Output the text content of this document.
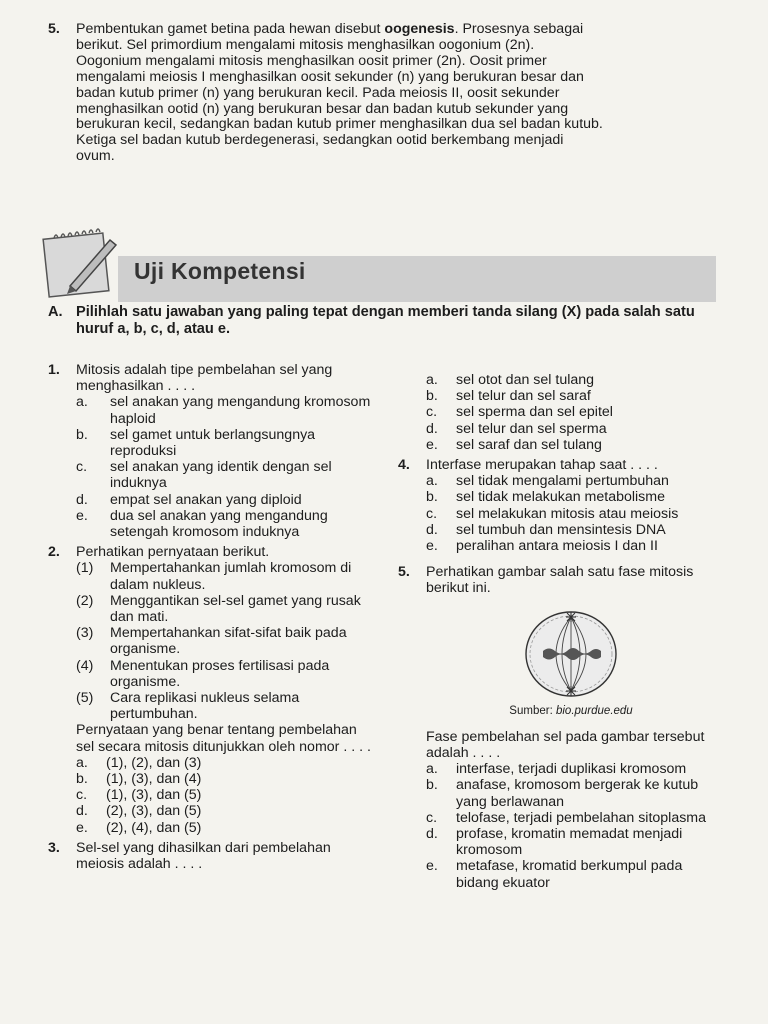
5. Pembentukan gamet betina pada hewan disebut oogenesis. Prosesnya sebagai berikut. Sel primordium mengalami mitosis menghasilkan oogonium (2n). Oogonium mengalami mitosis menghasilkan oosit primer (2n). Oosit primer mengalami meiosis I menghasilkan oosit sekunder (n) yang berukuran besar dan badan kutub primer (n) yang berukuran kecil. Pada meiosis II, oosit sekunder menghasilkan ootid (n) yang berukuran besar dan badan kutub sekunder yang berukuran kecil, sedangkan badan kutub primer menghasilkan dua sel badan kutub. Ketiga sel badan kutub berdegenerasi, sedangkan ootid berkembang menjadi ovum.

Uji Kompetensi
A. Pilihlah satu jawaban yang paling tepat dengan memberi tanda silang (X) pada salah satu huruf a, b, c, d, atau e.
1. Mitosis adalah tipe pembelahan sel yang menghasilkan . . . .
a. sel anakan yang mengandung kromosom haploid
b. sel gamet untuk berlangsungnya reproduksi
c. sel anakan yang identik dengan sel induknya
d. empat sel anakan yang diploid
e. dua sel anakan yang mengandung setengah kromosom induknya
2. Perhatikan pernyataan berikut.
(1) Mempertahankan jumlah kromosom di dalam nukleus.
(2) Menggantikan sel-sel gamet yang rusak dan mati.
(3) Mempertahankan sifat-sifat baik pada organisme.
(4) Menentukan proses fertilisasi pada organisme.
(5) Cara replikasi nukleus selama pertumbuhan.
Pernyataan yang benar tentang pembelahan sel secara mitosis ditunjukkan oleh nomor . . . .
a. (1), (2), dan (3)
b. (1), (3), dan (4)
c. (1), (3), dan (5)
d. (2), (3), dan (5)
e. (2), (4), dan (5)
3. Sel-sel yang dihasilkan dari pembelahan meiosis adalah . . . .
a. sel otot dan sel tulang
b. sel telur dan sel saraf
c. sel sperma dan sel epitel
d. sel telur dan sel sperma
e. sel saraf dan sel tulang
4. Interfase merupakan tahap saat . . . .
a. sel tidak mengalami pertumbuhan
b. sel tidak melakukan metabolisme
c. sel melakukan mitosis atau meiosis
d. sel tumbuh dan mensintesis DNA
e. peralihan antara meiosis I dan II
5. Perhatikan gambar salah satu fase mitosis berikut ini.
Sumber: bio.purdue.edu
Fase pembelahan sel pada gambar tersebut adalah . . . .
a. interfase, terjadi duplikasi kromosom
b. anafase, kromosom bergerak ke kutub yang berlawanan
c. telofase, terjadi pembelahan sitoplasma
d. profase, kromatin memadat menjadi kromosom
e. metafase, kromatid berkumpul pada bidang ekuator
